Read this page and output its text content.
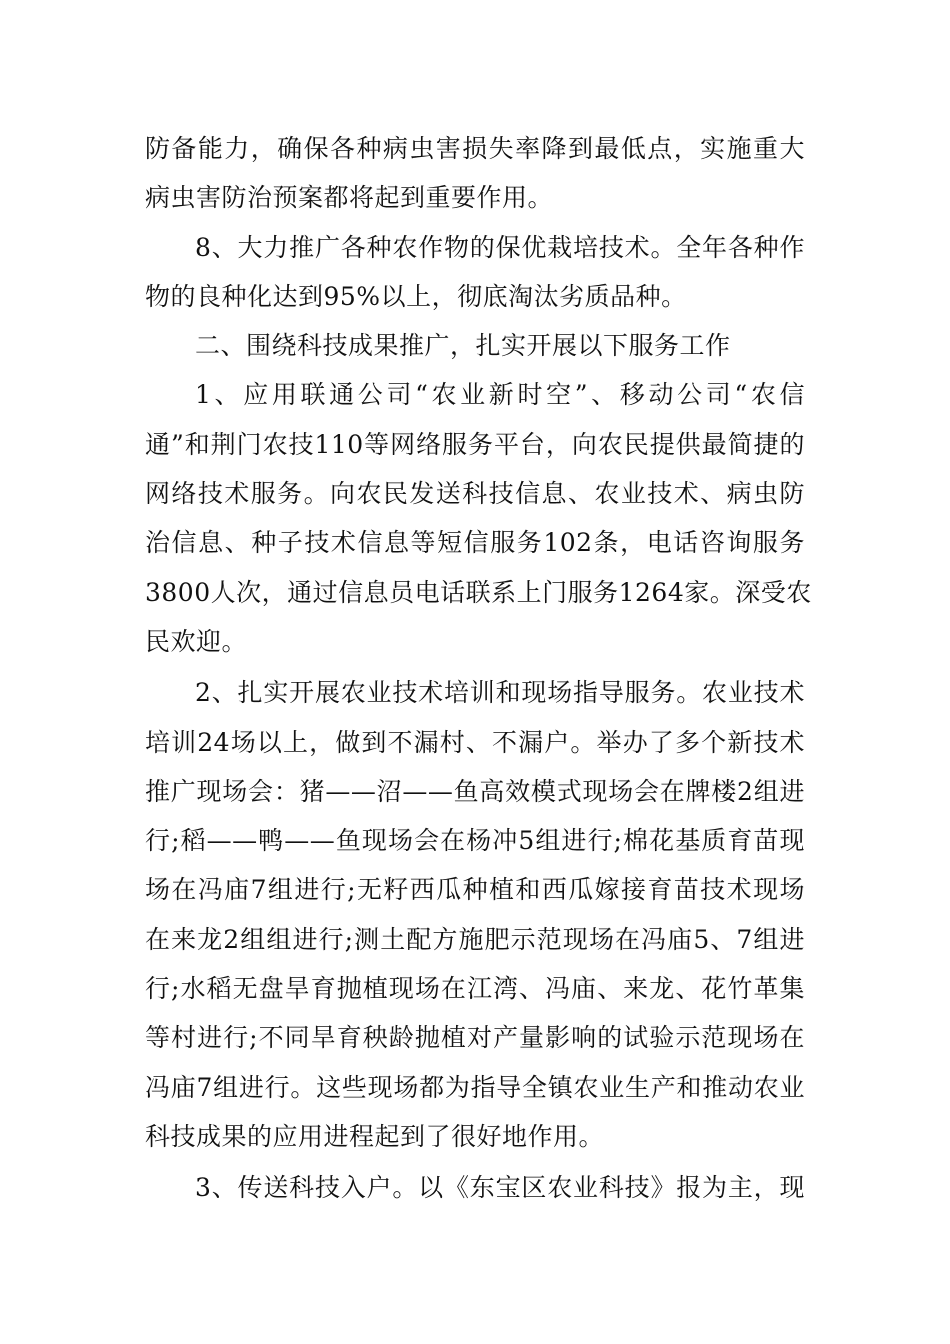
防备能力，确保各种病虫害损失率降到最低点，实施重大
病虫害防治预案都将起到重要作用。

8、大力推广各种农作物的保优栽培技术。全年各种作
物的良种化达到95%以上，彻底淘汰劣质品种。

二、围绕科技成果推广，扎实开展以下服务工作

1、应用联通公司“农业新时空”、移动公司“农信
通”和荆门农技110等网络服务平台，向农民提供最简捷的
网络技术服务。向农民发送科技信息、农业技术、病虫防
治信息、种子技术信息等短信服务102条，电话咨询服务
3800人次，通过信息员电话联系上门服务1264家。深受农
民欢迎。

2、扎实开展农业技术培训和现场指导服务。农业技术
培训24场以上，做到不漏村、不漏户。举办了多个新技术
推广现场会：猪——沼——鱼高效模式现场会在牌楼2组进
行;稻——鸭——鱼现场会在杨冲5组进行;棉花基质育苗现
场在冯庙7组进行;无籽西瓜种植和西瓜嫁接育苗技术现场
在来龙2组组进行;测土配方施肥示范现场在冯庙5、7组进
行;水稻无盘旱育抛植现场在江湾、冯庙、来龙、花竹革集
等村进行;不同旱育秧龄抛植对产量影响的试验示范现场在
冯庙7组进行。这些现场都为指导全镇农业生产和推动农业
科技成果的应用进程起到了很好地作用。

3、传送科技入户。以《东宝区农业科技》报为主，现
